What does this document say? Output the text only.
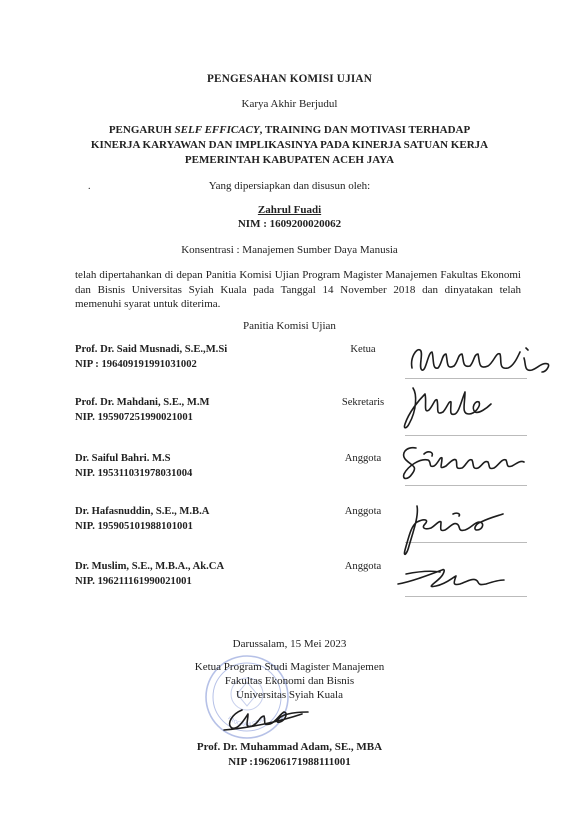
PENGESAHAN KOMISI UJIAN
Karya Akhir Berjudul
PENGARUH SELF EFFICACY, TRAINING DAN MOTIVASI TERHADAP
KINERJA KARYAWAN DAN IMPLIKASINYA PADA KINERJA SATUAN KERJA
PEMERINTAH KABUPATEN ACEH JAYA
.	Yang dipersiapkan dan disusun oleh:
Zahrul Fuadi
NIM : 1609200020062
Konsentrasi : Manajemen Sumber Daya Manusia
telah dipertahankan di depan Panitia Komisi Ujian Program Magister Manajemen Fakultas Ekonomi dan Bisnis Universitas Syiah Kuala pada Tanggal 14 November 2018 dan dinyatakan telah memenuhi syarat untuk diterima.
Panitia Komisi Ujian
Prof. Dr. Said Musnadi, S.E.,M.Si
NIP : 196409191991031002
Ketua
Prof. Dr. Mahdani, S.E., M.M
NIP. 195907251990021001
Sekretaris
Dr. Saiful Bahri. M.S
NIP. 195311031978031004
Anggota
Dr. Hafasnuddin, S.E., M.B.A
NIP. 195905101988101001
Anggota
Dr. Muslim, S.E., M.B.A., Ak.CA
NIP. 196211161990021001
Anggota
Darussalam, 15 Mei 2023
PROGRAM STUDI
Ketua Program Studi Magister Manajemen
Fakultas Ekonomi dan Bisnis
Universitas Syiah Kuala
Prof. Dr. Muhammad Adam, SE., MBA
NIP :196206171988111001
